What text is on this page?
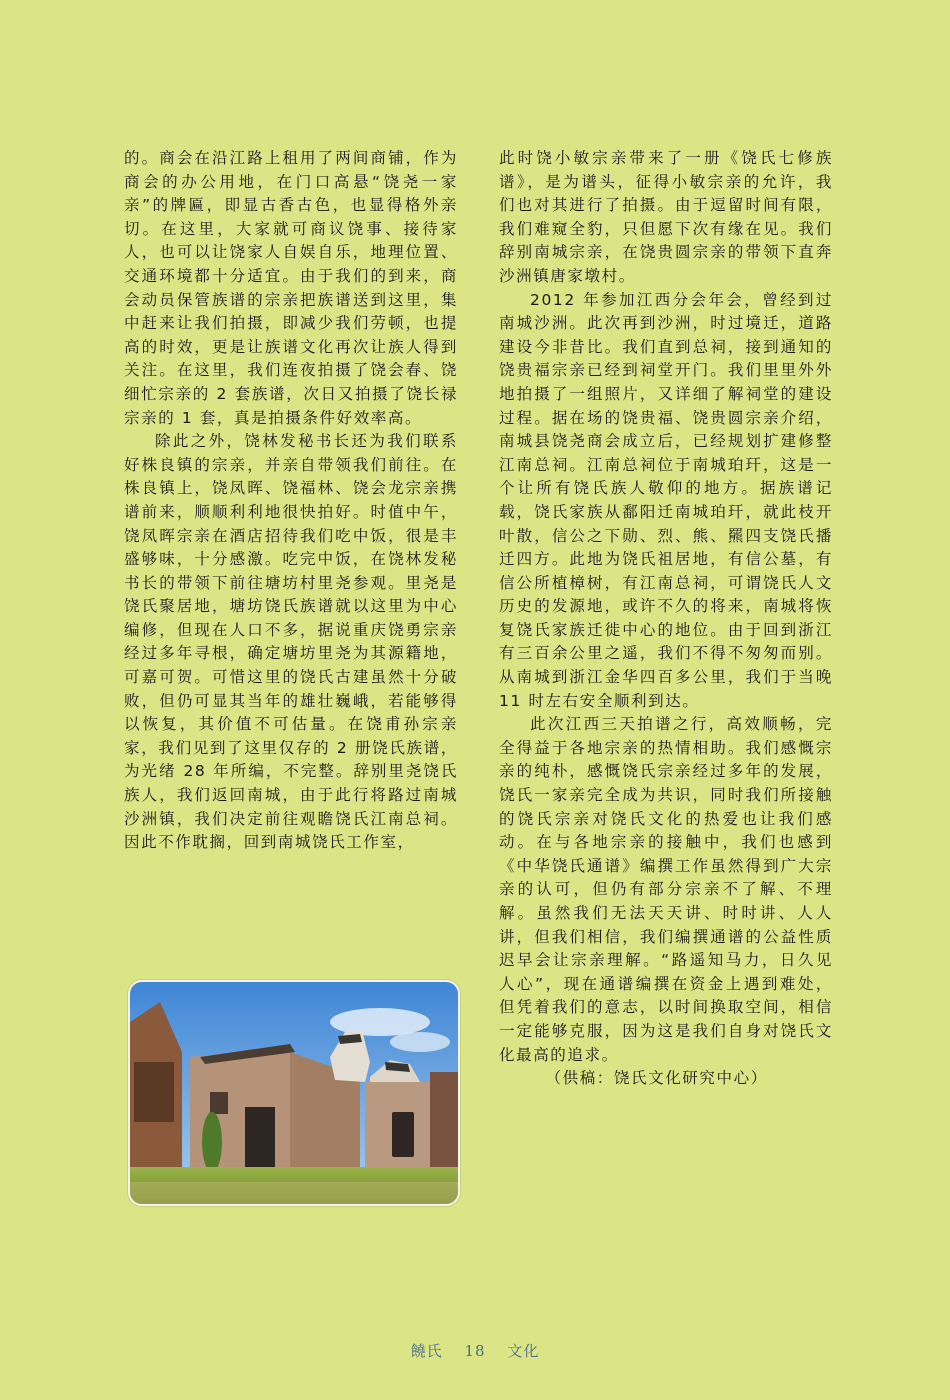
的。商会在沿江路上租用了两间商铺，作为商会的办公用地，在门口高悬“饶尧一家亲”的牌匾，即显古香古色，也显得格外亲切。在这里，大家就可商议饶事、接待家人，也可以让饶家人自娱自乐，地理位置、交通环境都十分适宜。由于我们的到来，商会动员保管族谱的宗亲把族谱送到这里，集中赶来让我们拍摄，即减少我们劳顿，也提高的时效，更是让族谱文化再次让族人得到关注。在这里，我们连夜拍摄了饶会春、饶细忙宗亲的 2 套族谱，次日又拍摄了饶长禄宗亲的 1 套，真是拍摄条件好效率高。

除此之外，饶林发秘书长还为我们联系好株良镇的宗亲，并亲自带领我们前往。在株良镇上，饶凤晖、饶福林、饶会龙宗亲携谱前来，顺顺利利地很快拍好。时值中午，饶凤晖宗亲在酒店招待我们吃中饭，很是丰盛够味，十分感激。吃完中饭，在饶林发秘书长的带领下前往塘坊村里尧参观。里尧是饶氏聚居地，塘坊饶氏族谱就以这里为中心编修，但现在人口不多，据说重庆饶勇宗亲经过多年寻根，确定塘坊里尧为其源籍地，可嘉可贺。可惜这里的饶氏古建虽然十分破败，但仍可显其当年的雄壮巍峨，若能够得以恢复，其价值不可估量。在饶甫孙宗亲家，我们见到了这里仅存的 2 册饶氏族谱，为光绪 28 年所编，不完整。辞别里尧饶氏族人，我们返回南城，由于此行将路过南城沙洲镇，我们决定前往观瞻饶氏江南总祠。因此不作耽搁，回到南城饶氏工作室，

此时饶小敏宗亲带来了一册《饶氏七修族谱》，是为谱头，征得小敏宗亲的允许，我们也对其进行了拍摄。由于逗留时间有限，我们难窥全豹，只但愿下次有缘在见。我们辞别南城宗亲，在饶贵圆宗亲的带领下直奔沙洲镇唐家墩村。

2012 年参加江西分会年会，曾经到过南城沙洲。此次再到沙洲，时过境迁，道路建设今非昔比。我们直到总祠，接到通知的饶贵福宗亲已经到祠堂开门。我们里里外外地拍摄了一组照片，又详细了解祠堂的建设过程。据在场的饶贵福、饶贵圆宗亲介绍，南城县饶尧商会成立后，已经规划扩建修整江南总祠。江南总祠位于南城珀玕，这是一个让所有饶氏族人敬仰的地方。据族谱记载，饶氏家族从鄱阳迁南城珀玕，就此枝开叶散，信公之下勋、烈、熊、羆四支饶氏播迁四方。此地为饶氏祖居地，有信公墓，有信公所植樟树，有江南总祠，可谓饶氏人文历史的发源地，或许不久的将来，南城将恢复饶氏家族迁徙中心的地位。由于回到浙江有三百余公里之遥，我们不得不匆匆而别。从南城到浙江金华四百多公里，我们于当晚 11 时左右安全顺利到达。

此次江西三天拍谱之行，高效顺畅，完全得益于各地宗亲的热情相助。我们感慨宗亲的纯朴，感慨饶氏宗亲经过多年的发展，饶氏一家亲完全成为共识，同时我们所接触的饶氏宗亲对饶氏文化的热爱也让我们感动。在与各地宗亲的接触中，我们也感到《中华饶氏通谱》编撰工作虽然得到广大宗亲的认可，但仍有部分宗亲不了解、不理解。虽然我们无法天天讲、时时讲、人人讲，但我们相信，我们编撰通谱的公益性质迟早会让宗亲理解。“路遥知马力，日久见人心”，现在通谱编撰在资金上遇到难处，但凭着我们的意志，以时间换取空间，相信一定能够克服，因为这是我们自身对饶氏文化最高的追求。

（供稿：饶氏文化研究中心）

饒氏 18 文化
